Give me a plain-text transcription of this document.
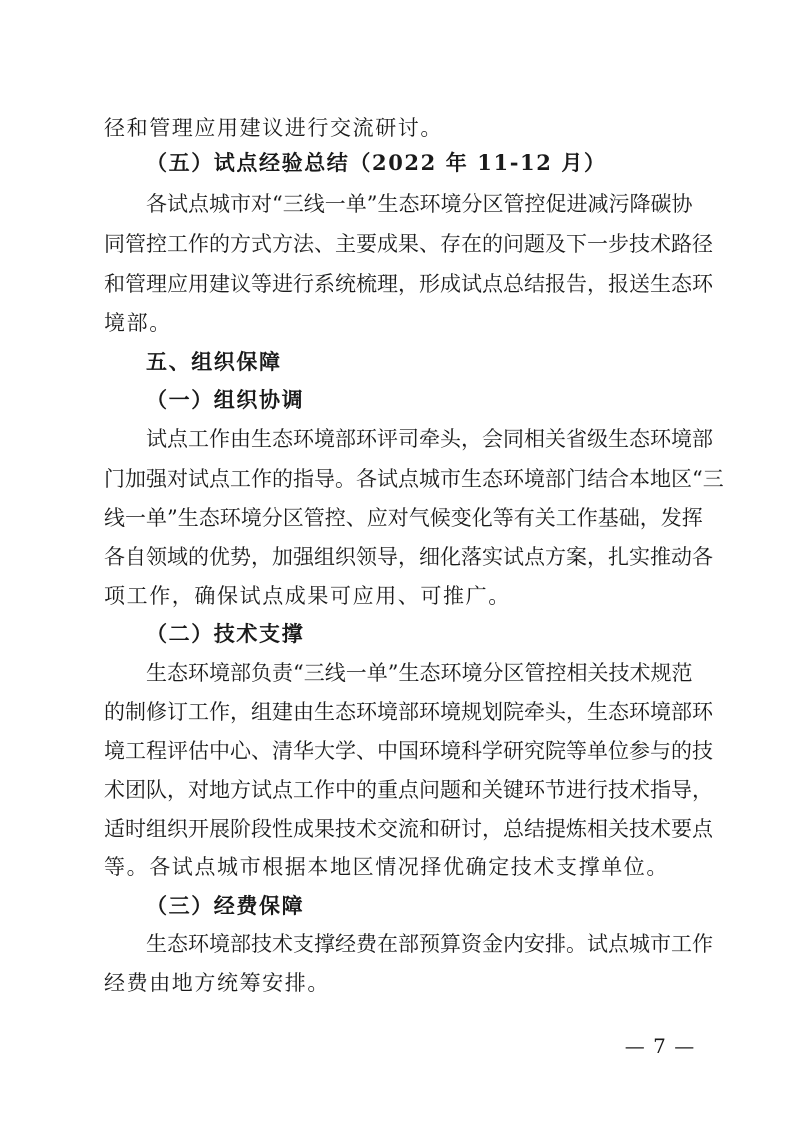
径和管理应用建议进行交流研讨。
（五）试点经验总结（2022 年 11-12 月）
各试点城市对“三线一单”生态环境分区管控促进减污降碳协
同管控工作的方式方法、主要成果、存在的问题及下一步技术路径
和管理应用建议等进行系统梳理，形成试点总结报告，报送生态环
境部。
五、组织保障
（一）组织协调
试点工作由生态环境部环评司牵头，会同相关省级生态环境部
门加强对试点工作的指导。各试点城市生态环境部门结合本地区“三
线一单”生态环境分区管控、应对气候变化等有关工作基础，发挥
各自领域的优势，加强组织领导，细化落实试点方案，扎实推动各
项工作，确保试点成果可应用、可推广。
（二）技术支撑
生态环境部负责“三线一单”生态环境分区管控相关技术规范
的制修订工作，组建由生态环境部环境规划院牵头，生态环境部环
境工程评估中心、清华大学、中国环境科学研究院等单位参与的技
术团队，对地方试点工作中的重点问题和关键环节进行技术指导，
适时组织开展阶段性成果技术交流和研讨，总结提炼相关技术要点
等。各试点城市根据本地区情况择优确定技术支撑单位。
（三）经费保障
生态环境部技术支撑经费在部预算资金内安排。试点城市工作
经费由地方统筹安排。
— 7 —
